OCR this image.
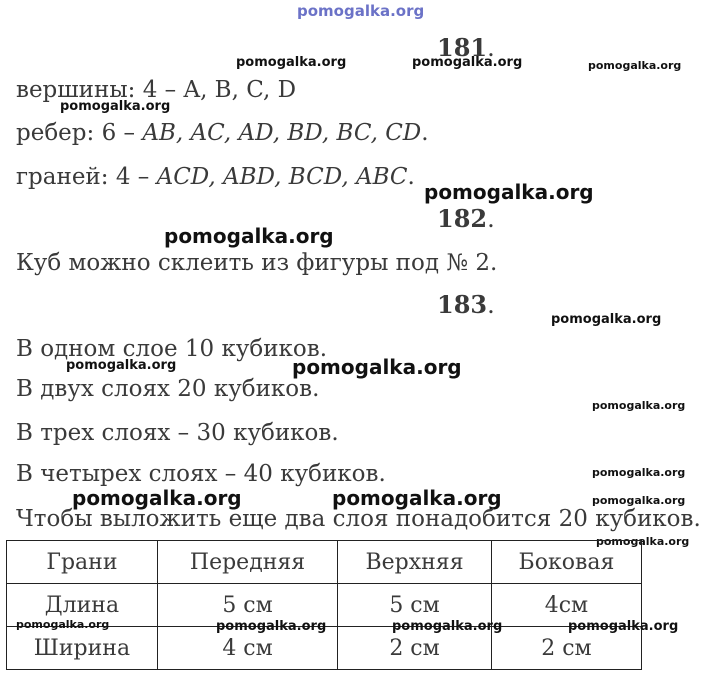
pomogalka.org
181.
pomogalka.org	pomogalka.org	pomogalka.org
вершины: 4 – A, B, C, D
pomogalka.org
ребер: 6 – AB, AC, AD, BD, BC, CD.
граней: 4 – ACD, ABD, BCD, ABC.
pomogalka.org
182.
pomogalka.org
Куб можно склеить из фигуры под № 2.
183.
pomogalka.org
В одном слое 10 кубиков.
pomogalka.org	pomogalka.org
В двух слоях 20 кубиков.
pomogalka.org
В трех слоях – 30 кубиков.
В четырех слоях – 40 кубиков.	pomogalka.org
pomogalka.org	pomogalka.org	pomogalka.org
Чтобы выложить еще два слоя понадобится 20 кубиков.
pomogalka.org
Грани	Передняя	Верхняя	Боковая
Длина	5 см	5 см	4см
Ширина	4 см	2 см	2 см
pomogalka.org	pomogalka.org	pomogalka.org	pomogalka.org
